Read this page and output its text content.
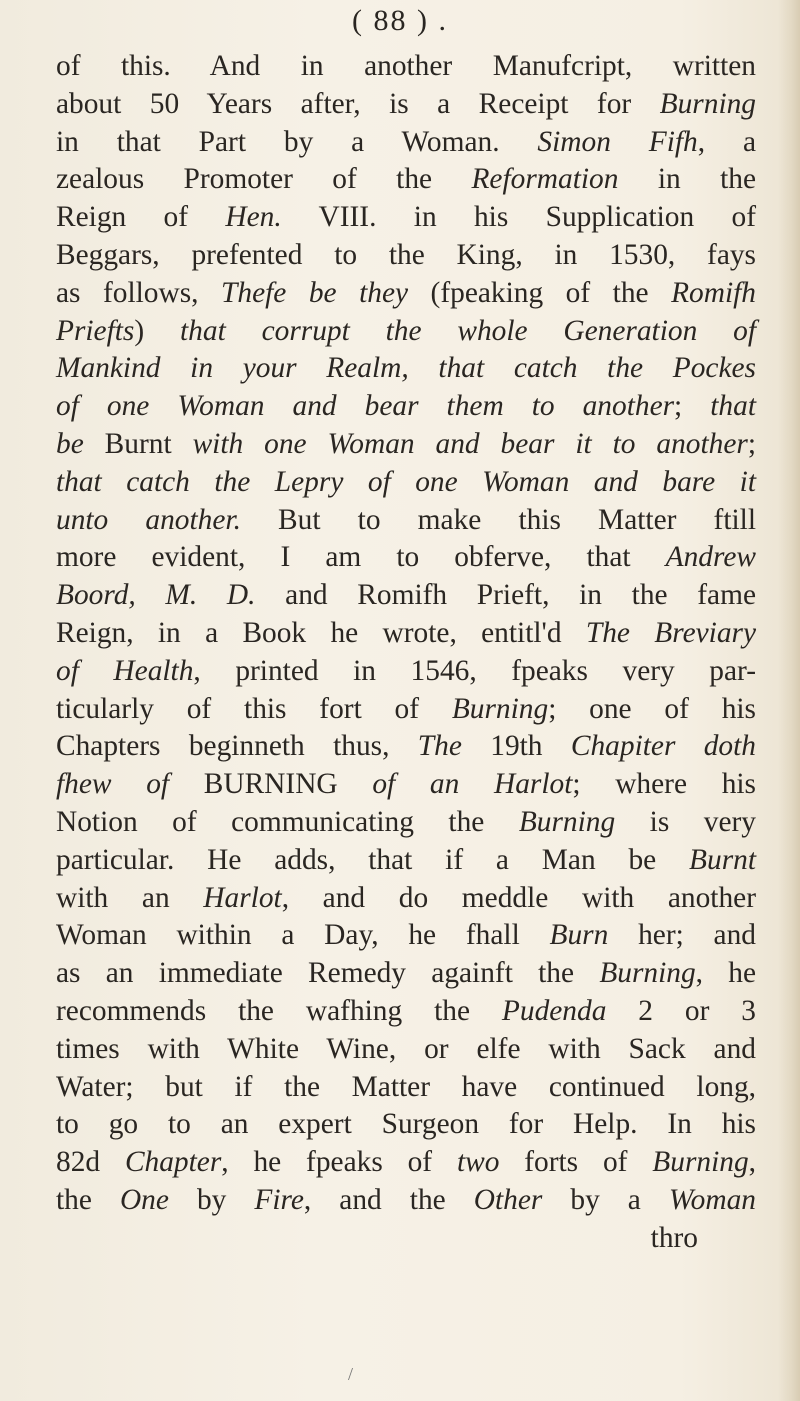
( 88 ) .
of this. And in another Manufcript, written
about 50 Years after, is a Receipt for Burning
in that Part by a Woman. Simon Fifh, a
zealous Promoter of the Reformation in the
Reign of Hen. VIII. in his Supplication of
Beggars, prefented to the King, in 1530, fays
as follows, Thefe be they (fpeaking of the Romifh
Priefts) that corrupt the whole Generation of
Mankind in your Realm, that catch the Pockes
of one Woman and bear them to another; that
be Burnt with one Woman and bear it to another;
that catch the Lepry of one Woman and bare it
unto another. But to make this Matter ftill
more evident, I am to obferve, that Andrew
Boord, M. D. and Romifh Prieft, in the fame
Reign, in a Book he wrote, entitl'd The Breviary
of Health, printed in 1546, fpeaks very par-
ticularly of this fort of Burning; one of his
Chapters beginneth thus, The 19th Chapiter doth
fhew of BURNING of an Harlot; where his
Notion of communicating the Burning is very
particular. He adds, that if a Man be Burnt
with an Harlot, and do meddle with another
Woman within a Day, he fhall Burn her; and
as an immediate Remedy againft the Burning, he
recommends the wafhing the Pudenda 2 or 3
times with White Wine, or elfe with Sack and
Water; but if the Matter have continued long,
to go to an expert Surgeon for Help. In his
82d Chapter, he fpeaks of two forts of Burning,
the One by Fire, and the Other by a Woman
thro
/
